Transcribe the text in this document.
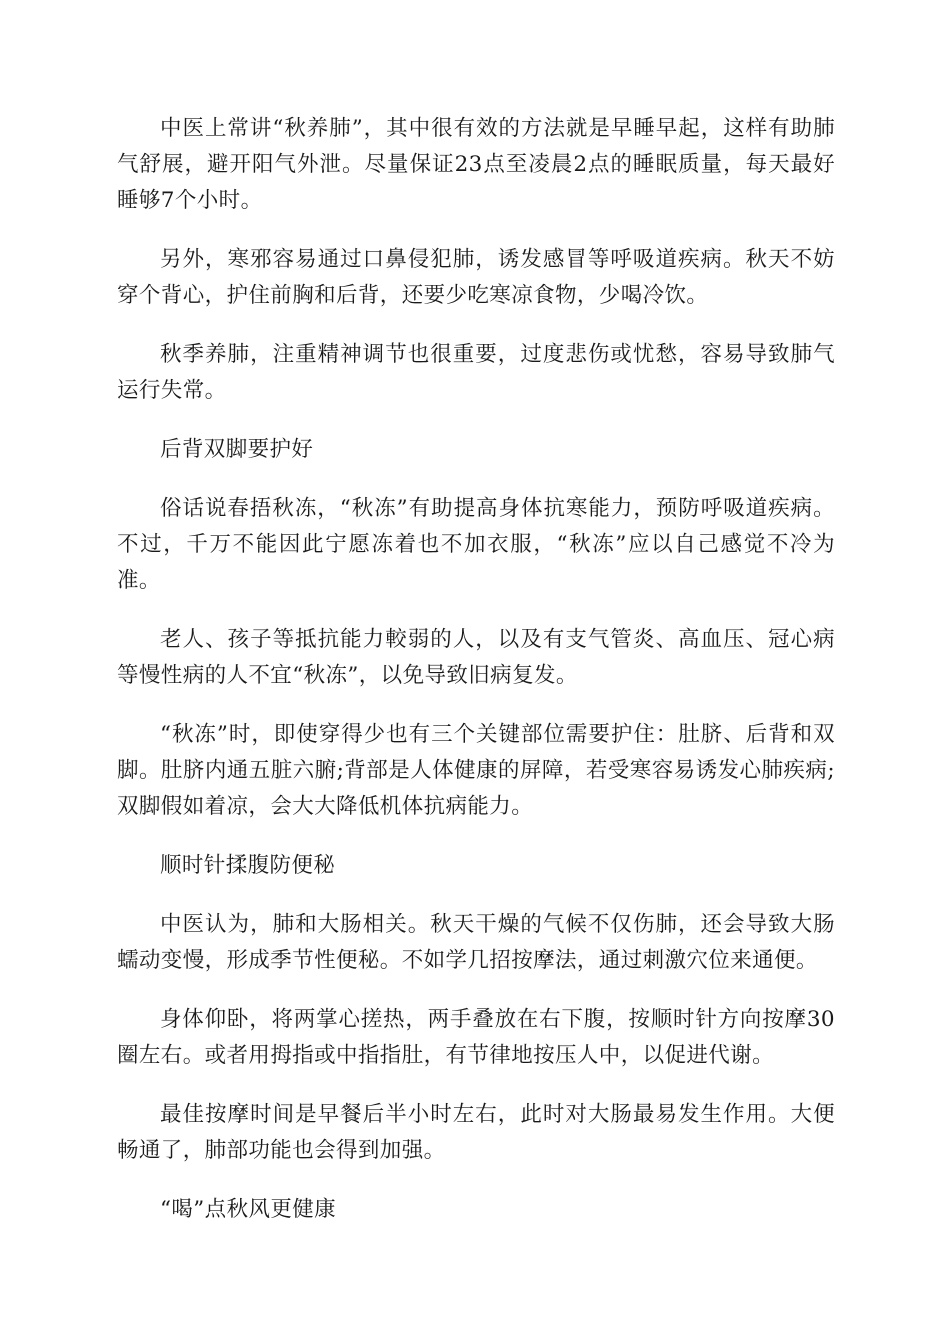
中医上常讲“秋养肺”，其中很有效的方法就是早睡早起，这样有助肺气舒展，避开阳气外泄。尽量保证23点至凌晨2点的睡眠质量，每天最好睡够7个小时。

另外，寒邪容易通过口鼻侵犯肺，诱发感冒等呼吸道疾病。秋天不妨穿个背心，护住前胸和后背，还要少吃寒凉食物，少喝冷饮。

秋季养肺，注重精神调节也很重要，过度悲伤或忧愁，容易导致肺气运行失常。

后背双脚要护好

俗话说春捂秋冻，“秋冻”有助提高身体抗寒能力，预防呼吸道疾病。不过，千万不能因此宁愿冻着也不加衣服，“秋冻”应以自己感觉不冷为准。

老人、孩子等抵抗能力較弱的人，以及有支气管炎、高血压、冠心病等慢性病的人不宜“秋冻”，以免导致旧病复发。

“秋冻”时，即使穿得少也有三个关键部位需要护住：肚脐、后背和双脚。肚脐内通五脏六腑;背部是人体健康的屏障，若受寒容易诱发心肺疾病;双脚假如着凉，会大大降低机体抗病能力。

顺时针揉腹防便秘

中医认为，肺和大肠相关。秋天干燥的气候不仅伤肺，还会导致大肠蠕动变慢，形成季节性便秘。不如学几招按摩法，通过刺激穴位来通便。

身体仰卧，将两掌心搓热，两手叠放在右下腹，按顺时针方向按摩30圈左右。或者用拇指或中指指肚，有节律地按压人中，以促进代谢。

最佳按摩时间是早餐后半小时左右，此时对大肠最易发生作用。大便畅通了，肺部功能也会得到加强。

“喝”点秋风更健康
